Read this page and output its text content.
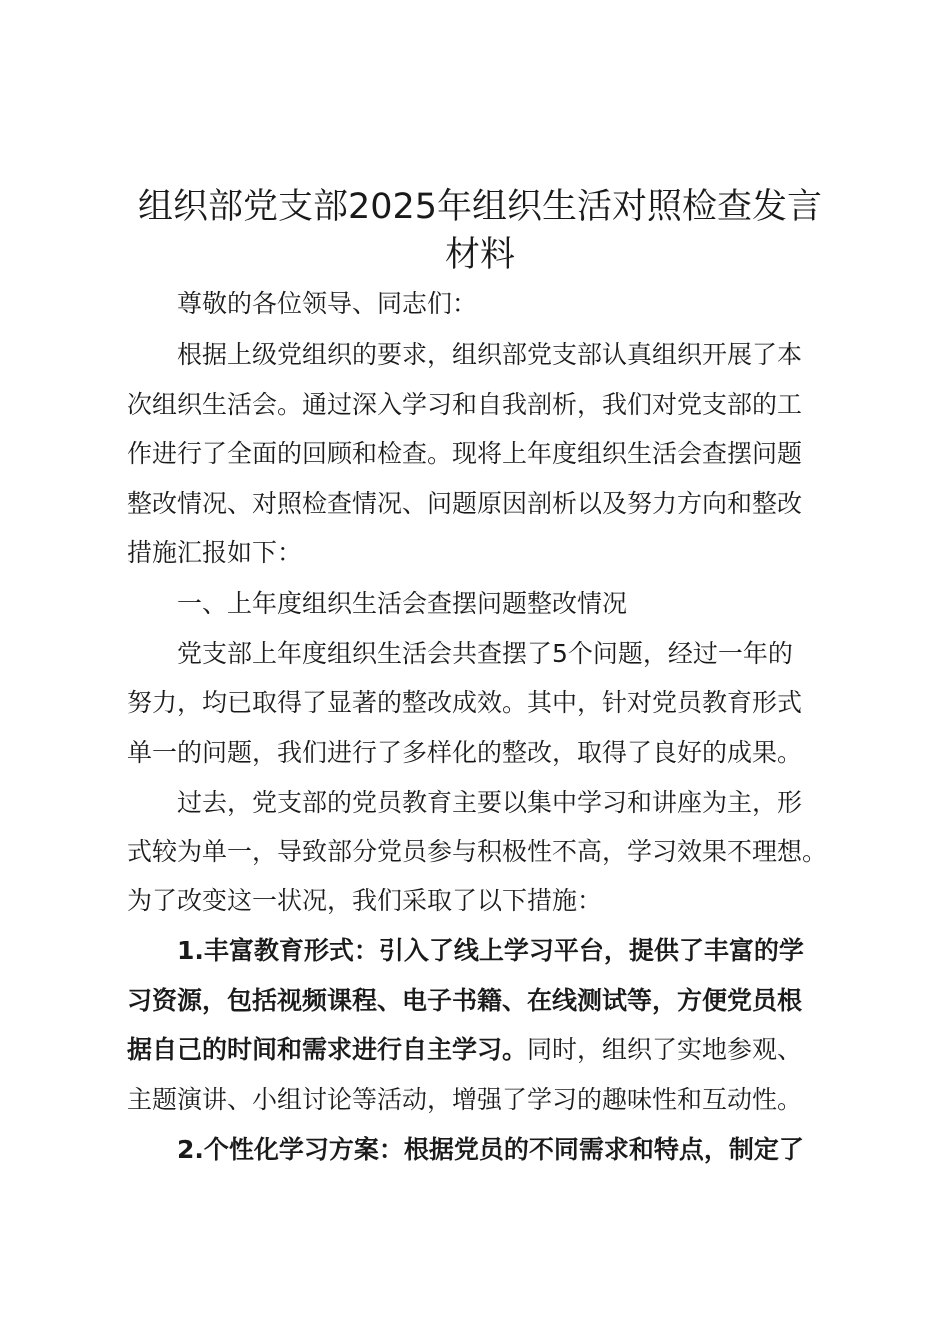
组织部党支部2025年组织生活对照检查发言
材料

尊敬的各位领导、同志们：

根据上级党组织的要求，组织部党支部认真组织开展了本

次组织生活会。通过深入学习和自我剖析，我们对党支部的工

作进行了全面的回顾和检查。现将上年度组织生活会查摆问题

整改情况、对照检查情况、问题原因剖析以及努力方向和整改

措施汇报如下：

一、上年度组织生活会查摆问题整改情况

党支部上年度组织生活会共查摆了5个问题，经过一年的

努力，均已取得了显著的整改成效。其中，针对党员教育形式

单一的问题，我们进行了多样化的整改，取得了良好的成果。

过去，党支部的党员教育主要以集中学习和讲座为主，形

式较为单一，导致部分党员参与积极性不高，学习效果不理想。

为了改变这一状况，我们采取了以下措施：

1.丰富教育形式：引入了线上学习平台，提供了丰富的学

习资源，包括视频课程、电子书籍、在线测试等，方便党员根

据自己的时间和需求进行自主学习。同时，组织了实地参观、

主题演讲、小组讨论等活动，增强了学习的趣味性和互动性。

2.个性化学习方案：根据党员的不同需求和特点，制定了
